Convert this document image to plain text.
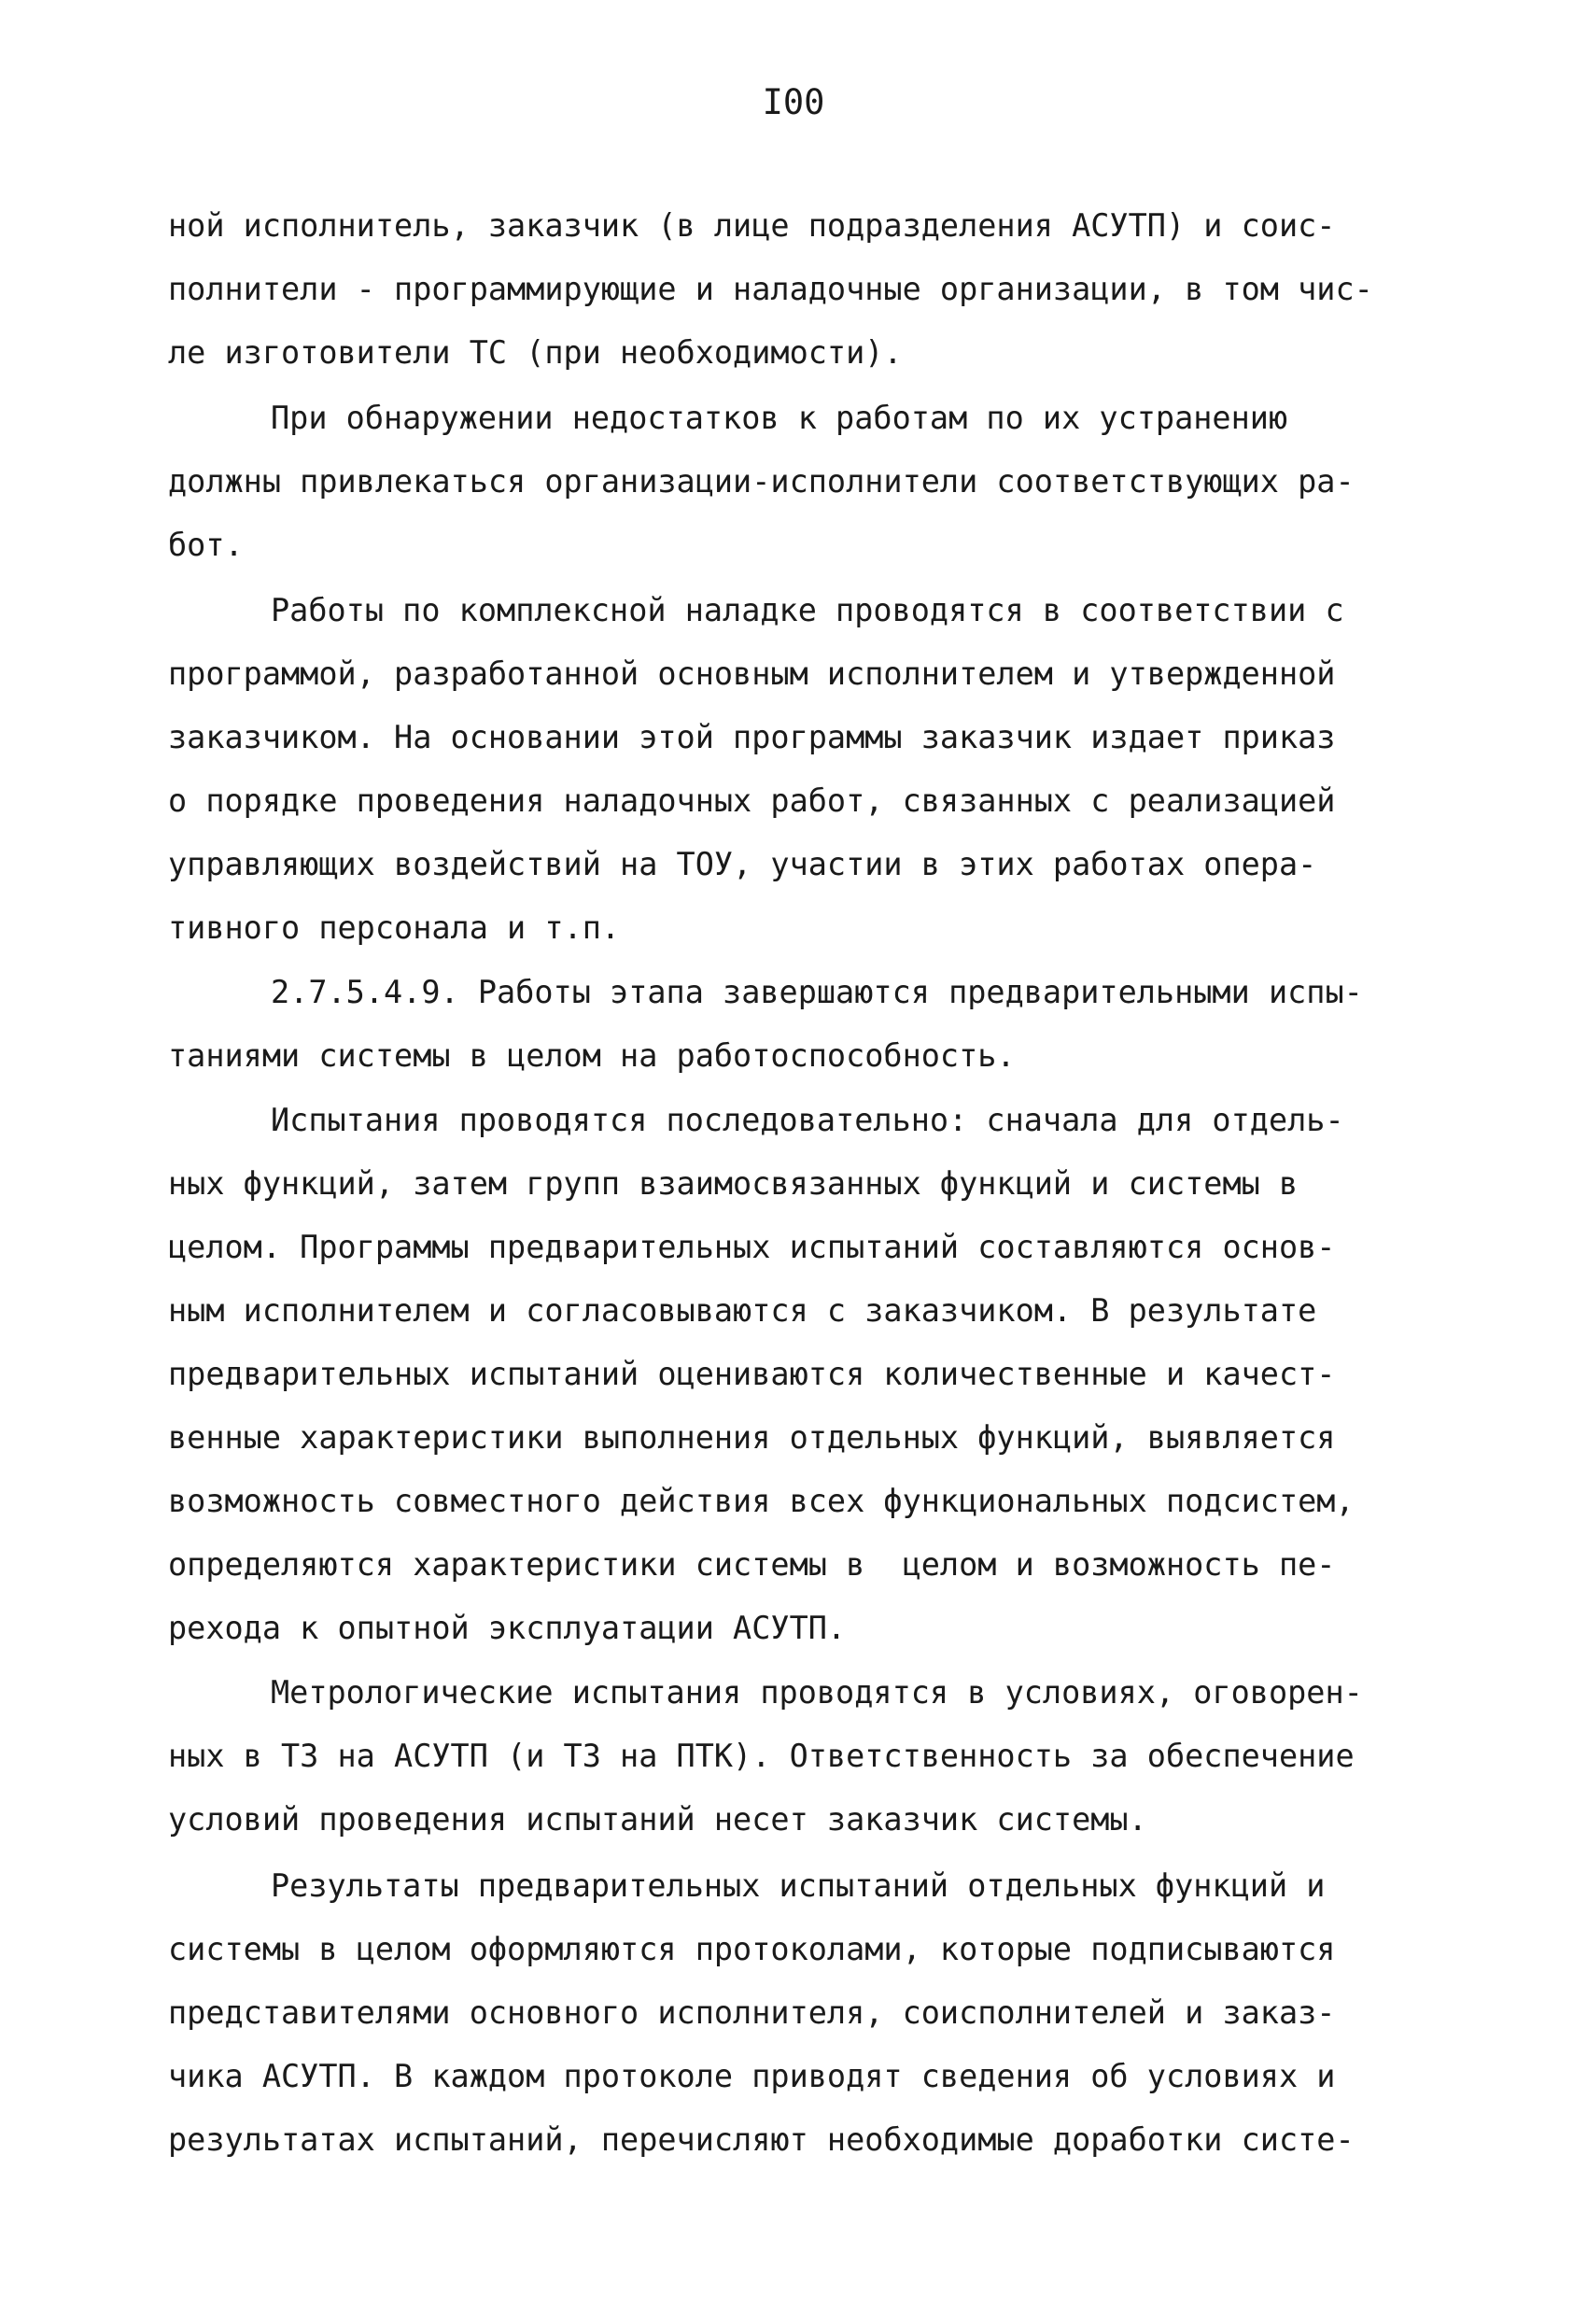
I00
ной исполнитель, заказчик (в лице подразделения АСУТП) и соис-
полнители - программирующие и наладочные организации, в том чис-
ле изготовители ТС (при необходимости).
При обнаружении недостатков к работам по их устранению
должны привлекаться организации-исполнители соответствующих ра-
бот.
Работы по комплексной наладке проводятся в соответствии с
программой, разработанной основным исполнителем и утвержденной
заказчиком. На основании этой программы заказчик издает приказ
о порядке проведения наладочных работ, связанных с реализацией
управляющих воздействий на ТОУ, участии в этих работах опера-
тивного персонала и т.п.
2.7.5.4.9. Работы этапа завершаются предварительными испы-
таниями системы в целом на работоспособность.
Испытания проводятся последовательно: сначала для отдель-
ных функций, затем групп взаимосвязанных функций и системы в
целом. Программы предварительных испытаний составляются основ-
ным исполнителем и согласовываются с заказчиком. В результате
предварительных испытаний оцениваются количественные и качест-
венные характеристики выполнения отдельных функций, выявляется
возможность совместного действия всех функциональных подсистем,
определяются характеристики системы в  целом и возможность пе-
рехода к опытной эксплуатации АСУТП.
Метрологические испытания проводятся в условиях, оговорен-
ных в ТЗ на АСУТП (и ТЗ на ПТК). Ответственность за обеспечение
условий проведения испытаний несет заказчик системы.
Результаты предварительных испытаний отдельных функций и
системы в целом оформляются протоколами, которые подписываются
представителями основного исполнителя, соисполнителей и заказ-
чика АСУТП. В каждом протоколе приводят сведения об условиях и
результатах испытаний, перечисляют необходимые доработки систе-
